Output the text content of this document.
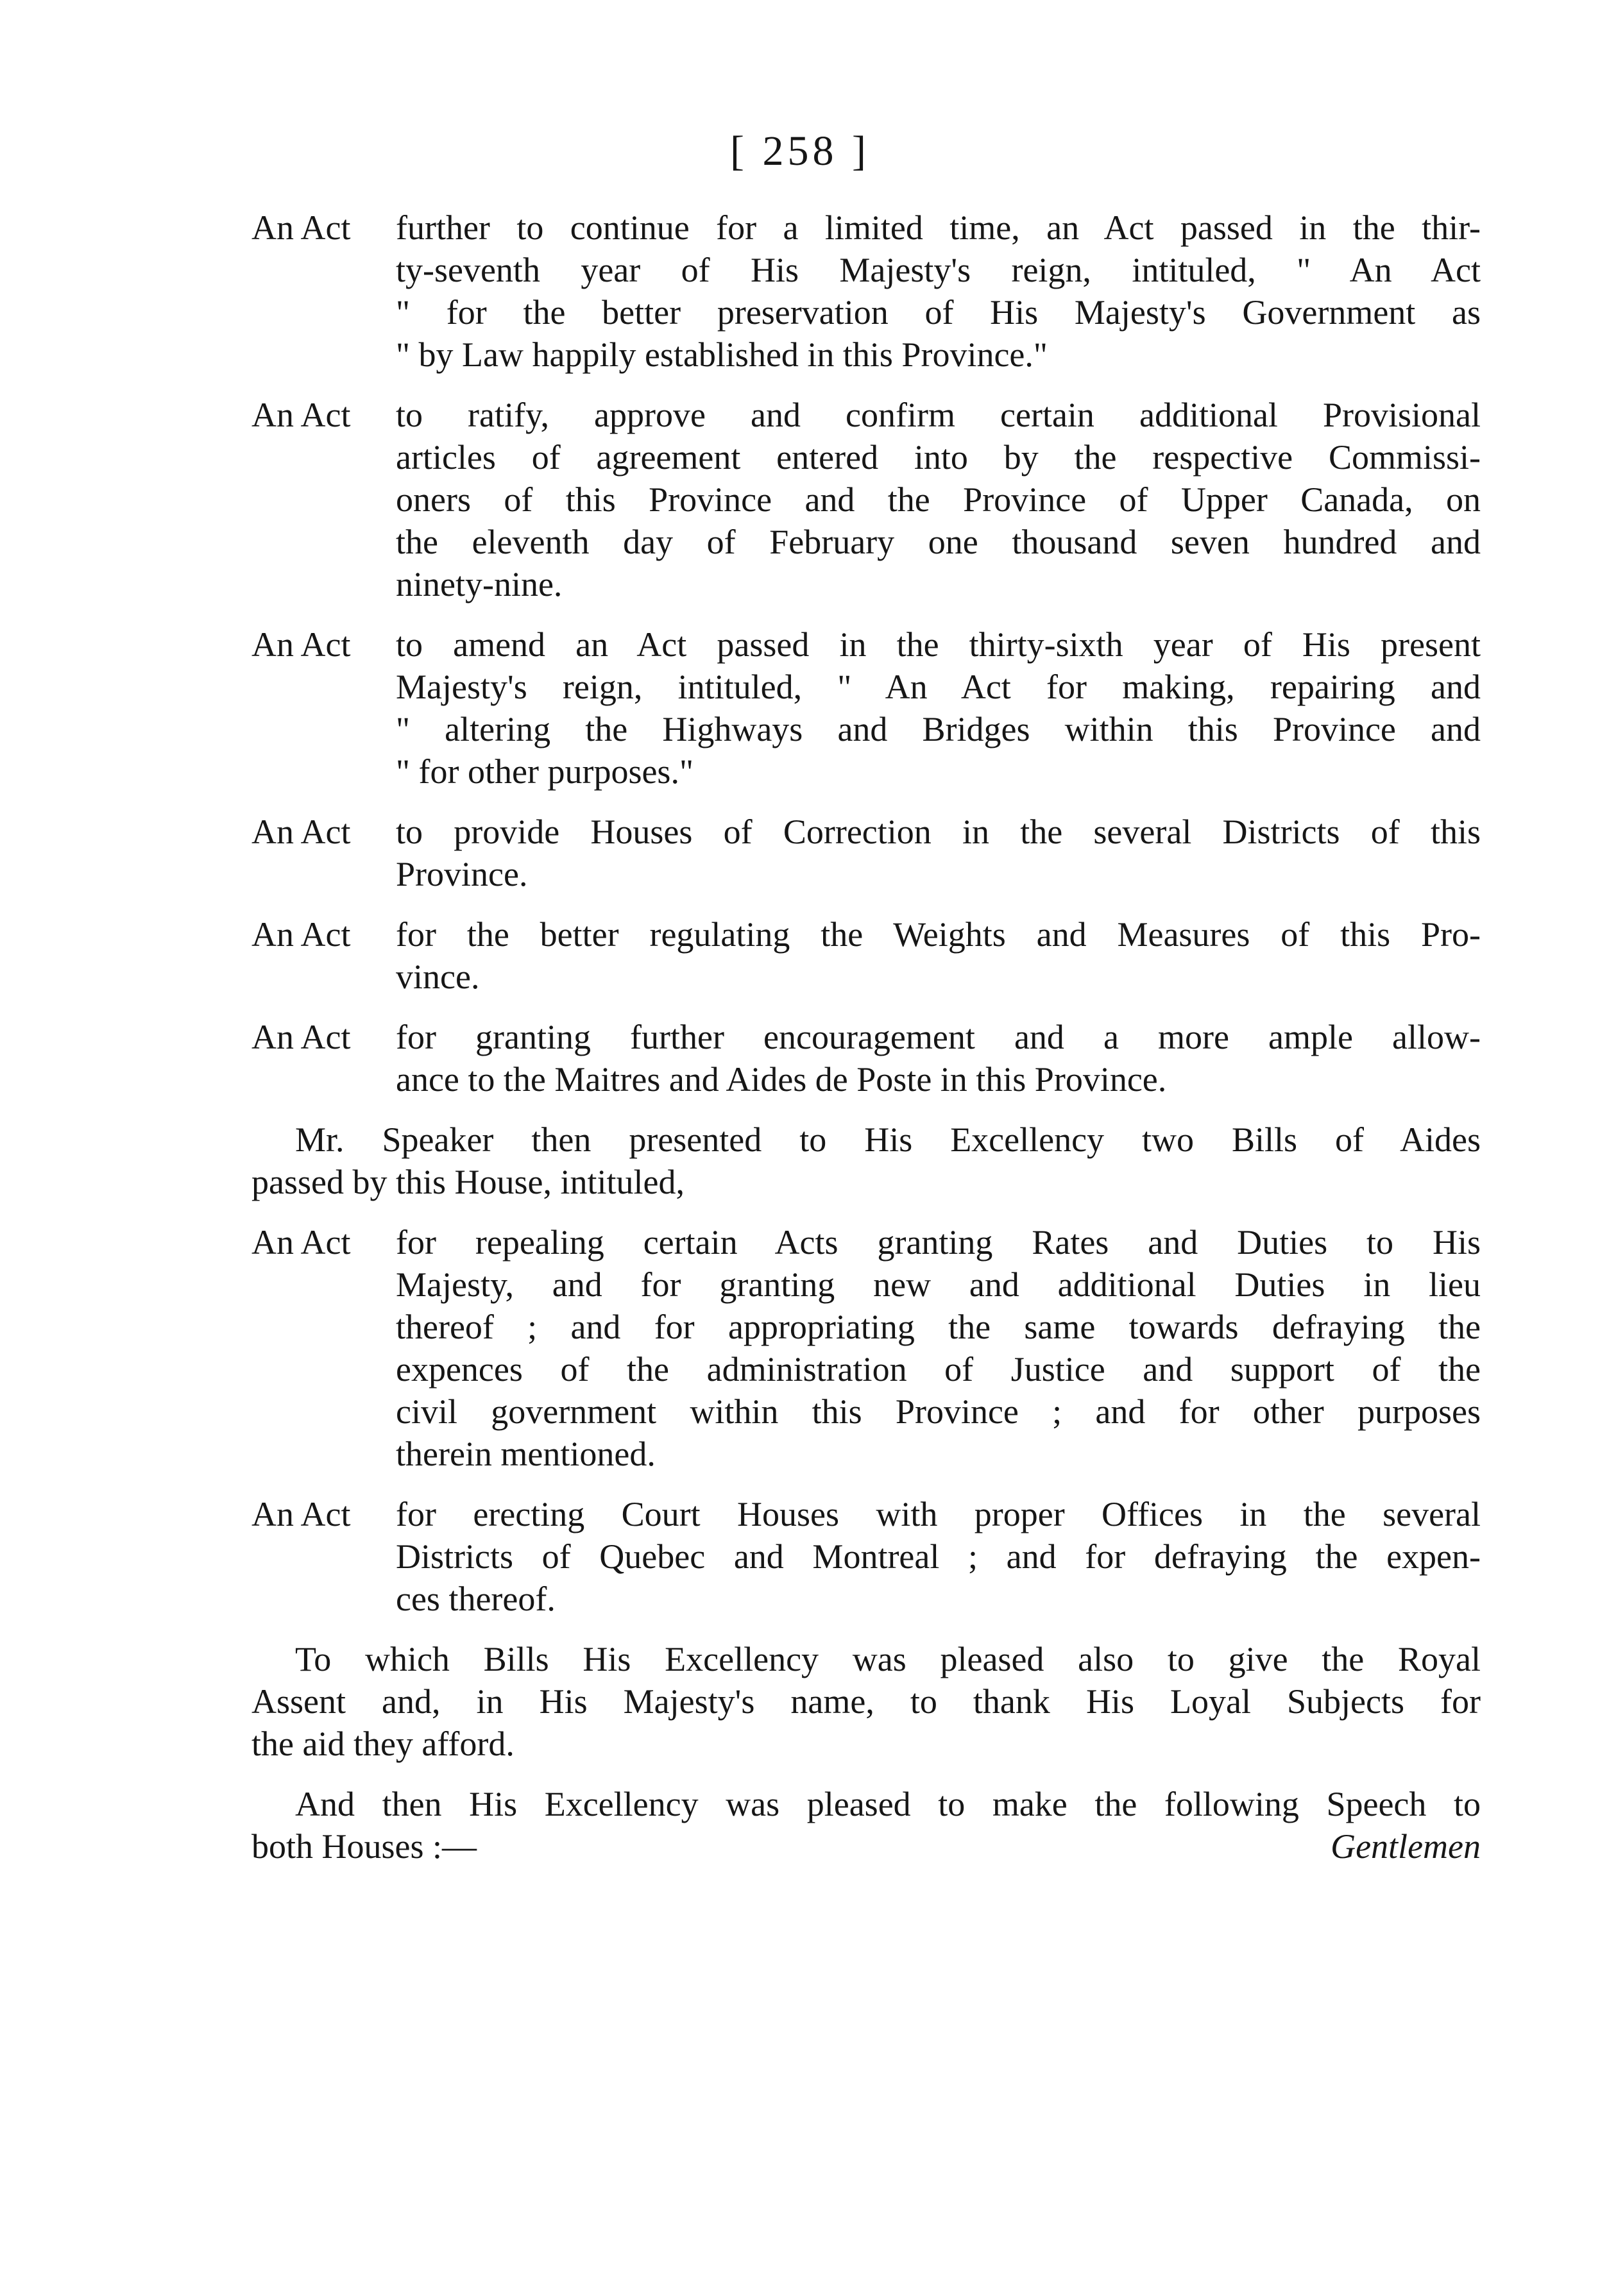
[ 258 ]
An Act	further to continue for a limited time, an Act passed in the thir-
ty-seventh year of His Majesty's reign, intituled, " An Act
" for the better preservation of His Majesty's Government as
" by Law happily established in this Province."
An Act	to ratify, approve and confirm certain additional Provisional
articles of agreement entered into by the respective Commissi-
oners of this Province and the Province of Upper Canada, on
the eleventh day of February one thousand seven hundred and
ninety-nine.
An Act	to amend an Act passed in the thirty-sixth year of His present
Majesty's reign, intituled, " An Act for making, repairing and
" altering the Highways and Bridges within this Province and
" for other purposes."
An Act	to provide Houses of Correction in the several Districts of this
Province.
An Act	for the better regulating the Weights and Measures of this Pro-
vince.
An Act	for granting further encouragement and a more ample allow-
ance to the Maitres and Aides de Poste in this Province.
Mr. Speaker then presented to His Excellency two Bills of Aides
passed by this House, intituled,
An Act	for repealing certain Acts granting Rates and Duties to His
Majesty, and for granting new and additional Duties in lieu
thereof ; and for appropriating the same towards defraying the
expences of the administration of Justice and support of the
civil government within this Province ; and for other purposes
therein mentioned.
An Act	for erecting Court Houses with proper Offices in the several
Districts of Quebec and Montreal ; and for defraying the expen-
ces thereof.
To which Bills His Excellency was pleased also to give the Royal
Assent and, in His Majesty's name, to thank His Loyal Subjects for
the aid they afford.
And then His Excellency was pleased to make the following Speech to
both Houses :—	Gentlemen
